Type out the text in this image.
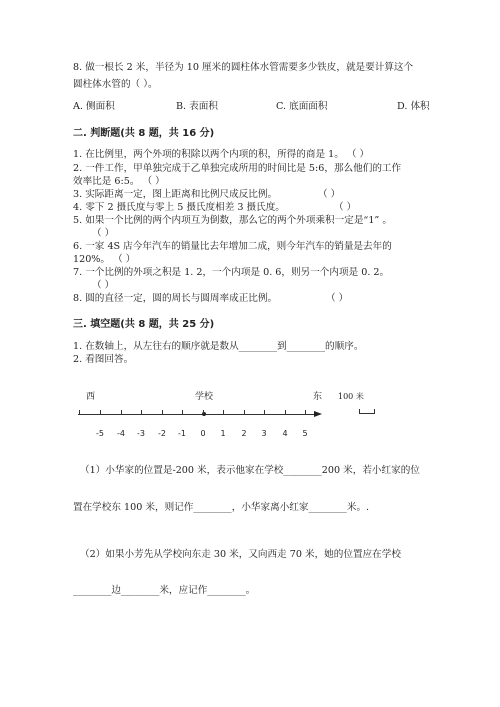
8. 做一根长 2 米，半径为 10 厘米的圆柱体水管需要多少铁皮，就是要计算这个
圆柱体水管的（ ）。
A. 侧面积	B. 表面积	C. 底面面积	D. 体积
二. 判断题(共 8 题，共 16 分)
1. 在比例里，两个外项的积除以两个内项的积，所得的商是 1。 （ ）
2. 一件工作，甲单独完成于乙单独完成所用的时间比是 5:6，那么他们的工作
效率比是 6:5。 （ ）
3. 实际距离一定，图上距离和比例尺成反比例。	（ ）
4. 零下 2 摄氏度与零上 5 摄氏度相差 3 摄氏度。	（ ）
5. 如果一个比例的两个内项互为倒数，那么它的两个外项乘积一定是“1” 。
（ ）
6. 一家 4S 店今年汽车的销量比去年增加二成，则今年汽车的销量是去年的
120%。 （ ）
7. 一个比例的外项之积是 1. 2，一个内项是 0. 6，则另一个内项是 0. 2。
（ ）
8. 圆的直径一定，圆的周长与圆周率成正比例。	（ ）
三. 填空题(共 8 题，共 25 分)
1. 在数轴上，从左往右的顺序就是数从________到________的顺序。
2. 看图回答。
西	学校	东 100 米
-5 -4 -3 -2 -1 0 1 2 3 4 5
（1）小华家的位置是-200 米，表示他家在学校________200 米，若小红家的位
置在学校东 100 米，则记作________，小华家离小红家________米。.
（2）如果小芳先从学校向东走 30 米，又向西走 70 米，她的位置应在学校
________边________米，应记作________。
